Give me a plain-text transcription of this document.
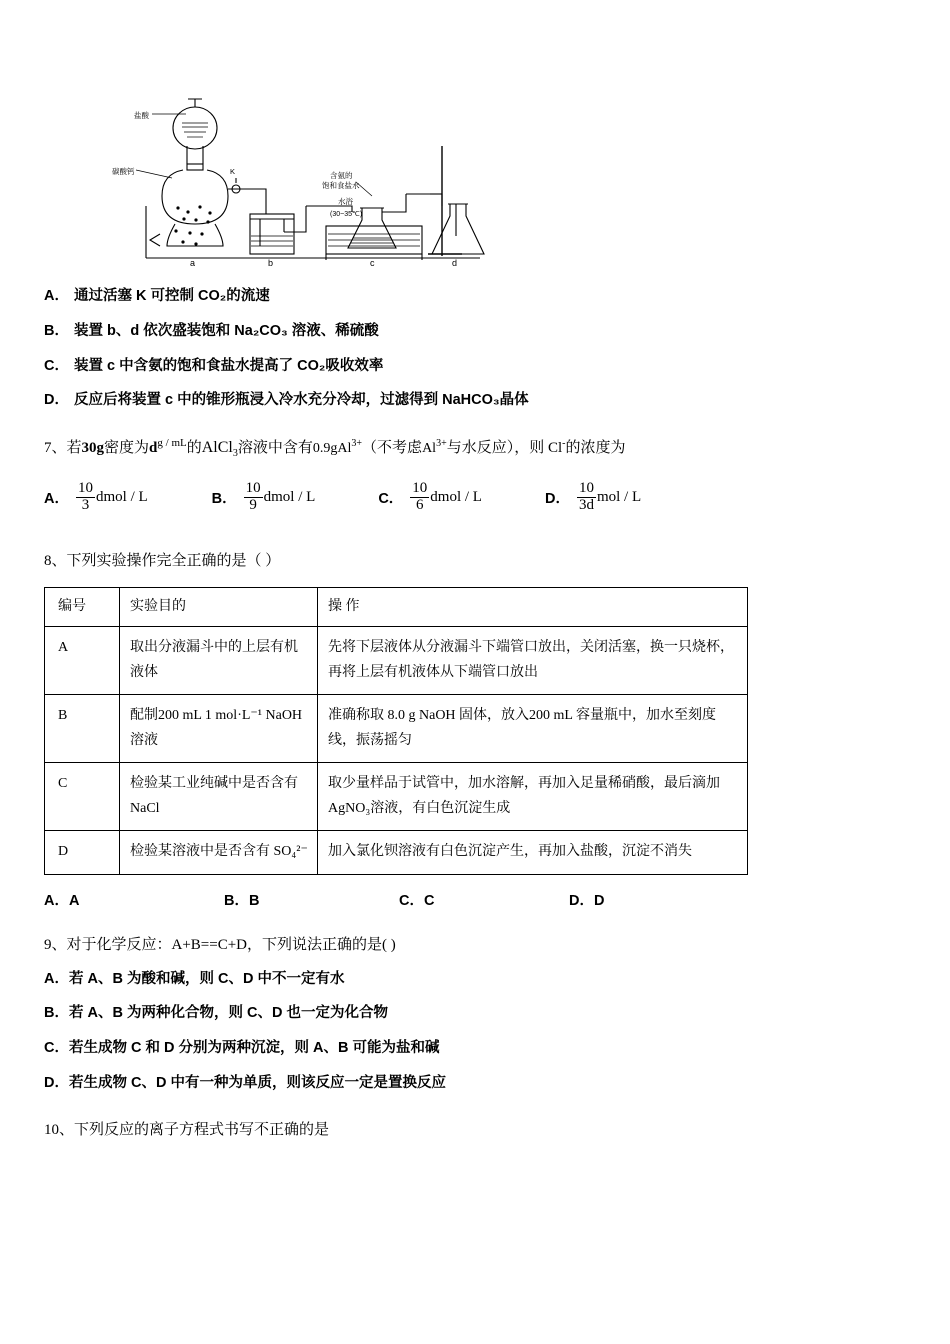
盐酸
碳酸钙	K	含氨的
饱和食盐水
水浴
(30~35℃)
a	b	c	d

A． 通过活塞 K 可控制 CO₂的流速

B． 装置 b、d 依次盛装饱和 Na₂CO₃ 溶液、稀硫酸

C． 装置 c 中含氨的饱和食盐水提高了 CO₂吸收效率

D． 反应后将装置 c 中的锥形瓶浸入冷水充分冷却，过滤得到 NaHCO₃晶体

7、若30g密度为$d^{g / mL}$的AlCl$_3$溶液中含有0.9gAl$^{3+}$（不考虑$Al^{3+}$与水反应），则 Cl-的浓度为
A． $\frac{10}{3}$ dmol / L	B． $\frac{10}{9}$ dmol / L	C． $\frac{10}{6}$ dmol / L	D． $\frac{10}{3d}$ mol / L
8、下列实验操作完全正确的是（ ）
编号	实验目的	操 作
A	取出分液漏斗中的上层有机液体	先将下层液体从分液漏斗下端管口放出，关闭活塞，换一只烧杯，再将上层有机液体从下端管口放出
B	配制200 mL 1 mol·L⁻¹ NaOH 溶液	准确称取 8.0 g NaOH 固体，放入200 mL 容量瓶中，加水至刻度线，振荡摇匀
C	检验某工业纯碱中是否含有 NaCl	取少量样品于试管中，加水溶解，再加入足量稀硝酸，最后滴加 AgNO₃溶液，有白色沉淀生成
D	检验某溶液中是否含有 SO₄²⁻	加入氯化钡溶液有白色沉淀产生，再加入盐酸，沉淀不消失
A．A	B．B	C．C	D．D
9、对于化学反应：A+B==C+D，下列说法正确的是( )

A．若 A、B 为酸和碱，则 C、D 中不一定有水

B．若 A、B 为两种化合物，则 C、D 也一定为化合物

C．若生成物 C 和 D 分别为两种沉淀，则 A、B 可能为盐和碱

D．若生成物 C、D 中有一种为单质，则该反应一定是置换反应

10、下列反应的离子方程式书写不正确的是
